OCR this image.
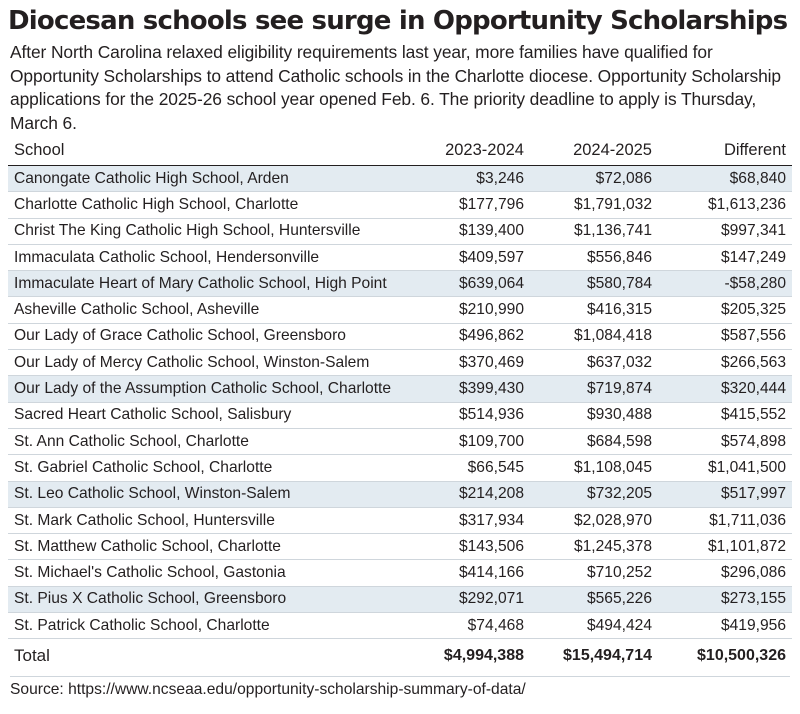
Diocesan schools see surge in Opportunity Scholarships

After North Carolina relaxed eligibility requirements last year, more families have qualified for Opportunity Scholarships to attend Catholic schools in the Charlotte diocese. Opportunity Scholarship applications for the 2025-26 school year opened Feb. 6. The priority deadline to apply is Thursday, March 6.

School	2023-2024	2024-2025	Different
Canongate Catholic High School, Arden	$3,246	$72,086	$68,840
Charlotte Catholic High School, Charlotte	$177,796	$1,791,032	$1,613,236
Christ The King Catholic High School, Huntersville	$139,400	$1,136,741	$997,341
Immaculata Catholic School, Hendersonville	$409,597	$556,846	$147,249
Immaculate Heart of Mary Catholic School, High Point	$639,064	$580,784	-$58,280
Asheville Catholic School, Asheville	$210,990	$416,315	$205,325
Our Lady of Grace Catholic School, Greensboro	$496,862	$1,084,418	$587,556
Our Lady of Mercy Catholic School, Winston-Salem	$370,469	$637,032	$266,563
Our Lady of the Assumption Catholic School, Charlotte	$399,430	$719,874	$320,444
Sacred Heart Catholic School, Salisbury	$514,936	$930,488	$415,552
St. Ann Catholic School, Charlotte	$109,700	$684,598	$574,898
St. Gabriel Catholic School, Charlotte	$66,545	$1,108,045	$1,041,500
St. Leo Catholic School, Winston-Salem	$214,208	$732,205	$517,997
St. Mark Catholic School, Huntersville	$317,934	$2,028,970	$1,711,036
St. Matthew Catholic School, Charlotte	$143,506	$1,245,378	$1,101,872
St. Michael's Catholic School, Gastonia	$414,166	$710,252	$296,086
St. Pius X Catholic School, Greensboro	$292,071	$565,226	$273,155
St. Patrick Catholic School, Charlotte	$74,468	$494,424	$419,956
Total	$4,994,388	$15,494,714	$10,500,326
Source: https://www.ncseaa.edu/opportunity-scholarship-summary-of-data/
